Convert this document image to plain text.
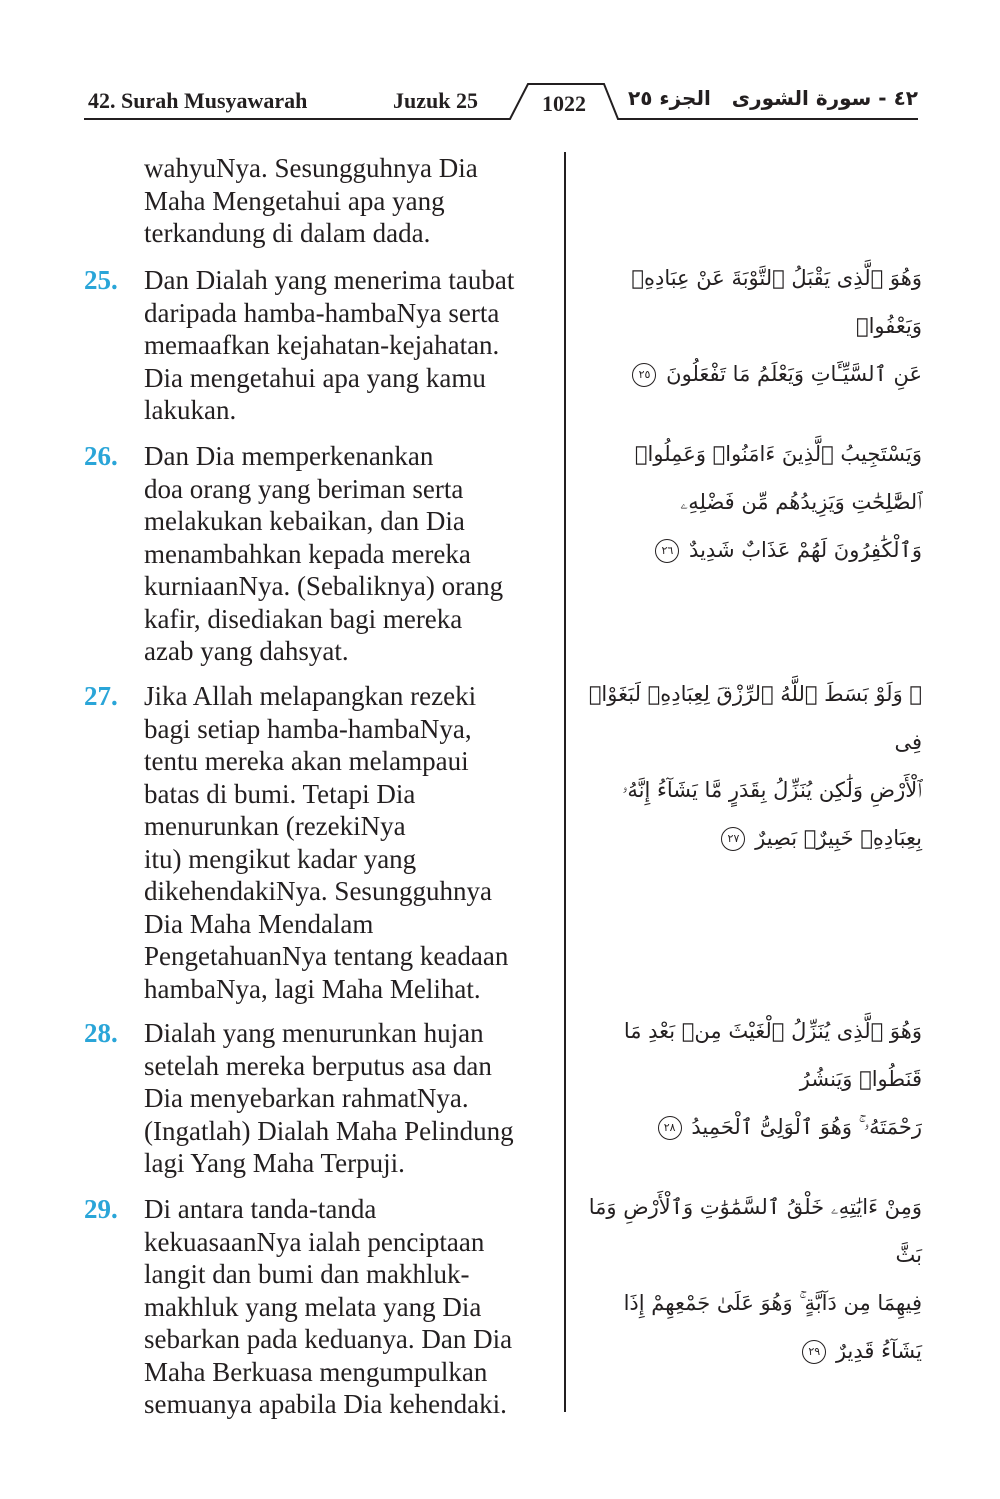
42. Surah Musyawarah	Juzuk 25	1022	الجزء ٢٥ ٤٢ - سورة الشورى
wahyuNya. Sesungguhnya Dia
Maha Mengetahui apa yang
terkandung di dalam dada.
25. Dan Dialah yang menerima taubat
daripada hamba-hambaNya serta
memaafkan kejahatan-kejahatan.
Dia mengetahui apa yang kamu
lakukan.
وَهُوَ ٱلَّذِى يَقْبَلُ ٱلتَّوْبَةَ عَنْ عِبَادِهِۦ وَيَعْفُوا۟
عَنِ ٱلسَّيِّـَٔاتِ وَيَعْلَمُ مَا تَفْعَلُونَ ٢٥
26. Dan Dia memperkenankan
doa orang yang beriman serta
melakukan kebaikan, dan Dia
menambahkan kepada mereka
kurniaanNya. (Sebaliknya) orang
kafir, disediakan bagi mereka
azab yang dahsyat.
وَيَسْتَجِيبُ ٱلَّذِينَ ءَامَنُوا۟ وَعَمِلُوا۟
ٱلصَّٰلِحَٰتِ وَيَزِيدُهُم مِّن فَضْلِهِۦ
وَٱلْكَٰفِرُونَ لَهُمْ عَذَابٌ شَدِيدٌ ٢٦
27. Jika Allah melapangkan rezeki
bagi setiap hamba-hambaNya,
tentu mereka akan melampaui
batas di bumi. Tetapi Dia
menurunkan (rezekiNya
itu) mengikut kadar yang
dikehendakiNya. Sesungguhnya
Dia Maha Mendalam
PengetahuanNya tentang keadaan
hambaNya, lagi Maha Melihat.
۞ وَلَوْ بَسَطَ ٱللَّهُ ٱلرِّزْقَ لِعِبَادِهِۦ لَبَغَوْا۟ فِى
ٱلْأَرْضِ وَلَٰكِن يُنَزِّلُ بِقَدَرٍ مَّا يَشَآءُ إِنَّهُۥ
بِعِبَادِهِۦ خَبِيرٌۢ بَصِيرٌ ٢٧
28. Dialah yang menurunkan hujan
setelah mereka berputus asa dan
Dia menyebarkan rahmatNya.
(Ingatlah) Dialah Maha Pelindung
lagi Yang Maha Terpuji.
وَهُوَ ٱلَّذِى يُنَزِّلُ ٱلْغَيْثَ مِنۢ بَعْدِ مَا قَنَطُوا۟ وَيَنشُرُ
رَحْمَتَهُۥ ۚ وَهُوَ ٱلْوَلِىُّ ٱلْحَمِيدُ ٢٨
29. Di antara tanda-tanda
kekuasaanNya ialah penciptaan
langit dan bumi dan makhluk-
makhluk yang melata yang Dia
sebarkan pada keduanya. Dan Dia
Maha Berkuasa mengumpulkan
semuanya apabila Dia kehendaki.
وَمِنْ ءَايَٰتِهِۦ خَلْقُ ٱلسَّمَٰوَٰتِ وَٱلْأَرْضِ وَمَا بَثَّ
فِيهِمَا مِن دَآبَّةٍ ۚ وَهُوَ عَلَىٰ جَمْعِهِمْ إِذَا يَشَآءُ قَدِيرٌ ٢٩
